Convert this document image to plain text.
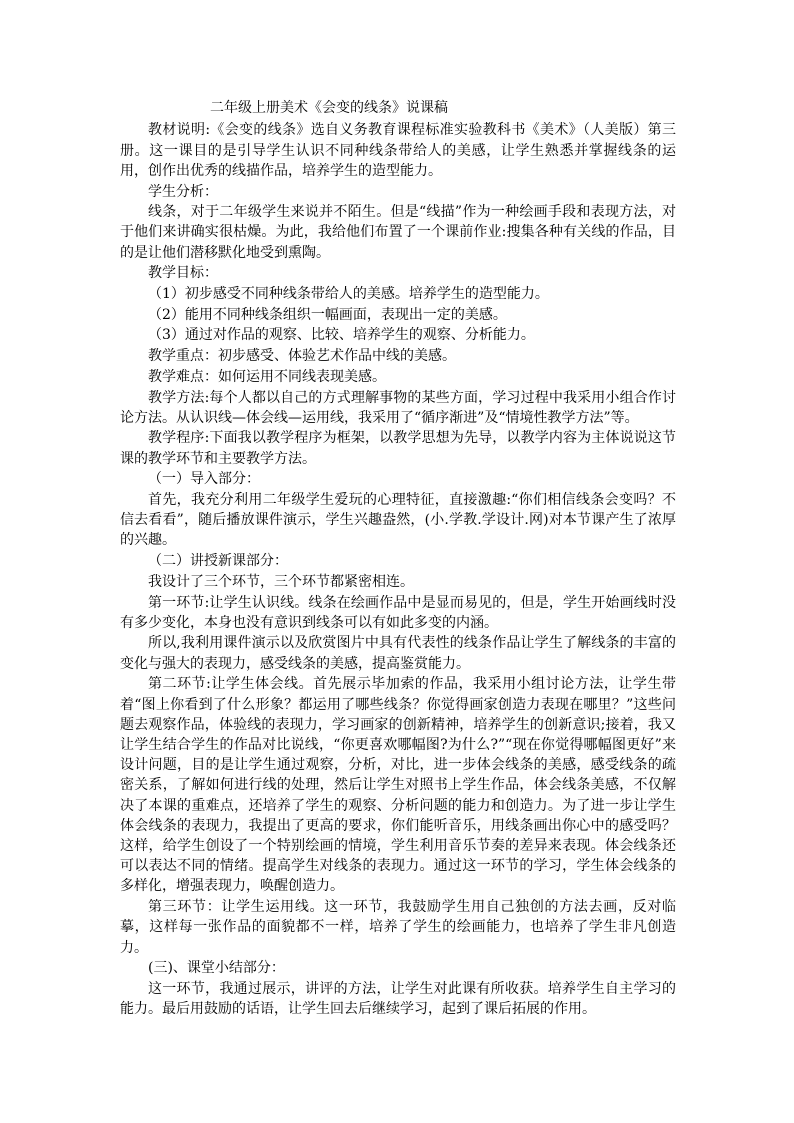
二年级上册美术《会变的线条》说课稿

教材说明:《会变的线条》选自义务教育课程标准实验教科书《美术》（人美版）第三册。这一课目的是引导学生认识不同种线条带给人的美感，让学生熟悉并掌握线条的运用，创作出优秀的线描作品，培养学生的造型能力。

学生分析：

线条，对于二年级学生来说并不陌生。但是“线描”作为一种绘画手段和表现方法，对于他们来讲确实很枯燥。为此，我给他们布置了一个课前作业:搜集各种有关线的作品，目的是让他们潜移默化地受到熏陶。

教学目标：

（1）初步感受不同种线条带给人的美感。培养学生的造型能力。

（2）能用不同种线条组织一幅画面，表现出一定的美感。

（3）通过对作品的观察、比较、培养学生的观察、分析能力。

教学重点：初步感受、体验艺术作品中线的美感。

教学难点：如何运用不同线表现美感。

教学方法:每个人都以自己的方式理解事物的某些方面，学习过程中我采用小组合作讨论方法。从认识线—体会线—运用线，我采用了“循序渐进”及“情境性教学方法”等。

教学程序:下面我以教学程序为框架，以教学思想为先导，以教学内容为主体说说这节课的教学环节和主要教学方法。

（一）导入部分：

首先，我充分利用二年级学生爱玩的心理特征，直接激趣:“你们相信线条会变吗？不信去看看”，随后播放课件演示，学生兴趣盎然，(小.学教.学设计.网)对本节课产生了浓厚的兴趣。

（二）讲授新课部分：

我设计了三个环节，三个环节都紧密相连。

第一环节:让学生认识线。线条在绘画作品中是显而易见的，但是，学生开始画线时没有多少变化，本身也没有意识到线条可以有如此多变的内涵。

所以,我利用课件演示以及欣赏图片中具有代表性的线条作品让学生了解线条的丰富的变化与强大的表现力，感受线条的美感，提高鉴赏能力。

第二环节:让学生体会线。首先展示毕加索的作品，我采用小组讨论方法，让学生带着“图上你看到了什么形象？都运用了哪些线条？你觉得画家创造力表现在哪里？”这些问题去观察作品，体验线的表现力，学习画家的创新精神，培养学生的创新意识;接着，我又让学生结合学生的作品对比说线，“你更喜欢哪幅图?为什么?”“现在你觉得哪幅图更好”来设计问题，目的是让学生通过观察，分析，对比，进一步体会线条的美感，感受线条的疏密关系，了解如何进行线的处理，然后让学生对照书上学生作品，体会线条美感，不仅解决了本课的重难点，还培养了学生的观察、分析问题的能力和创造力。为了进一步让学生体会线条的表现力，我提出了更高的要求，你们能听音乐，用线条画出你心中的感受吗？这样，给学生创设了一个特别绘画的情境，学生利用音乐节奏的差异来表现。体会线条还可以表达不同的情绪。提高学生对线条的表现力。通过这一环节的学习，学生体会线条的多样化，增强表现力，唤醒创造力。

第三环节：让学生运用线。这一环节，我鼓励学生用自己独创的方法去画，反对临摹，这样每一张作品的面貌都不一样，培养了学生的绘画能力，也培养了学生非凡创造力。

(三)、课堂小结部分：

这一环节，我通过展示，讲评的方法，让学生对此课有所收获。培养学生自主学习的能力。最后用鼓励的话语，让学生回去后继续学习，起到了课后拓展的作用。
